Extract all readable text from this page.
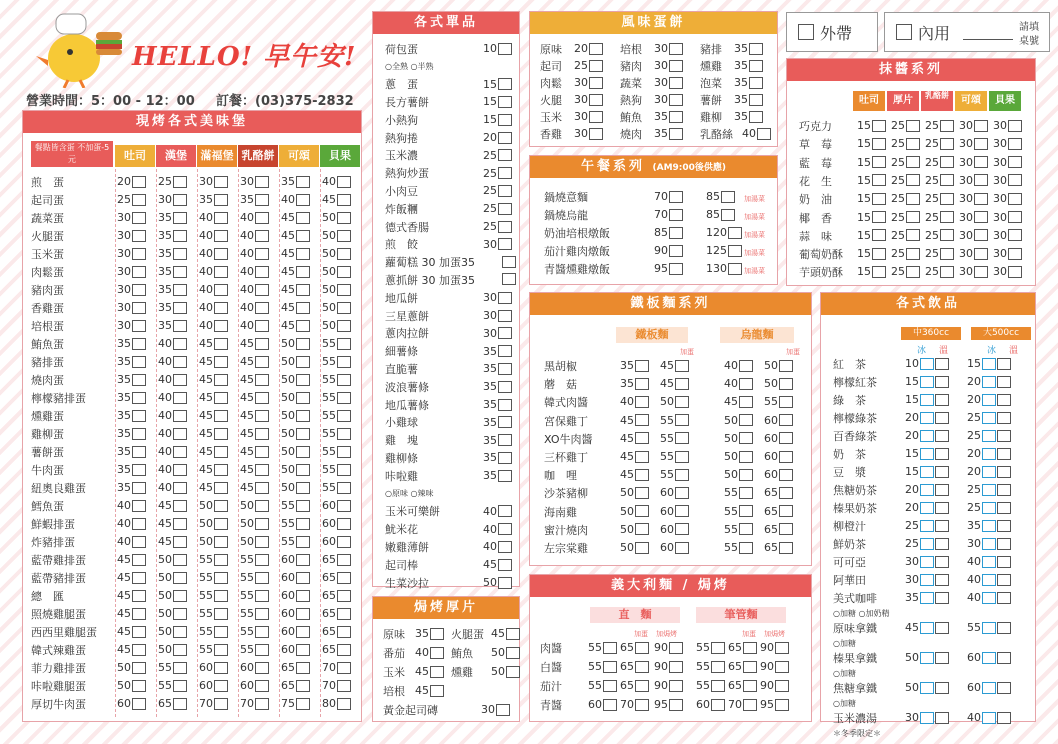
HELLO! 早午安!
營業時間：5：00 - 12：00 訂餐：(03)375-2832
外帶	內用	請填
桌號
現烤各式美味堡
餐點皆含蛋 不加蛋-5元	吐司	漢堡	滿福堡 乳酪餅	可頌	貝果
煎　蛋	20 25 30 30 35 40
起司蛋	25 30 35 35 40 45
蔬菜蛋	30 35 40 40 45 50
火腿蛋	30 35 40 40 45 50
玉米蛋	30 35 40 40 45 50
肉鬆蛋	30 35 40 40 45 50
豬肉蛋	30 35 40 40 45 50
香雞蛋	30 35 40 40 45 50
培根蛋	30 35 40 40 45 50
鮪魚蛋	35 40 45 45 50 55
豬排蛋	35 40 45 45 50 55
燒肉蛋	35 40 45 45 50 55
檸檬豬排蛋	35 40 45 45 50 55
燻雞蛋	35 40 45 45 50 55
雞柳蛋	35 40 45 45 50 55
薯餅蛋	35 40 45 45 50 55
牛肉蛋	35 40 45 45 50 55
紐奧良雞蛋	35 40 45 45 50 55
鱈魚蛋	40 45 50 50 55 60
鮮蝦排蛋	40 45 50 50 55 60
炸豬排蛋	40 45 50 50 55 60
藍帶雞排蛋	45 50 55 55 60 65
藍帶豬排蛋	45 50 55 55 60 65
總　匯	45 50 55 55 60 65
照燒雞腿蛋	45 50 55 55 60 65
西西里雞腿蛋 45 50 55 55 60 65
韓式辣雞蛋	45 50 55 55 60 65
菲力雞排蛋	50 55 60 60 65 70
咔啦雞腿蛋	50 55 60 60 65 70
厚切牛肉蛋	60 65 70 70 75 80
各式單品
荷包蛋	10
○全熟 ○半熟
蔥　蛋	15
長方薯餅	15
小熱狗	15
熱狗捲	20
玉米濃	25
熱狗炒蛋	25
小肉豆	25
炸飯糰	25
德式香腸	25
煎　餃	30
蘿蔔糕 30 加蛋35
蔥抓餅 30 加蛋35
地瓜餅	30
三星蔥餅	30
蔥肉拉餅	30
細薯條	35
直脆薯	35
波浪薯條	35
地瓜薯條	35
小雞球	35
雞　塊	35
雞柳條	35
咔啦雞	35
○原味 ○辣味
玉米可樂餅	40
魷米花	40
嫩雞薄餅	40
起司棒	45
生菜沙拉	50
焗烤厚片
原味 35 火腿蛋 45
番茄 40 鮪魚 50
玉米 45 燻雞 50
培根 45
黃金起司磚	30
風味蛋餅
原味 20	培根 30	豬排 35
起司 25	豬肉 30	燻雞 35
肉鬆 30	蔬菜 30	泡菜 35
火腿 30	熱狗 30	薯餅 35
玉米 30	鮪魚 35	雞柳 35
香雞 30	燒肉 35	乳酪絲 40
午餐系列 (AM9:00後供應)
鍋燒意麵	70	85	加湯菜
鍋燒烏龍	70	85	加湯菜
奶油培根燉飯	85	120 加湯菜
茄汁雞肉燉飯	90	125 加湯菜
青醬燻雞燉飯	95	130 加湯菜
鐵板麵系列
鐵板麵	烏龍麵
加蛋	加蛋
黑胡椒	35 45	40 50
蘑　菇	35 45	40 50
韓式肉醬	40 50	45 55
宮保雞丁	45 55	50 60
XO牛肉醬	45 55	50 60
三杯雞丁	45 55	50 60
咖　哩	45 55	50 60
沙茶豬柳	50 60	55 65
海南雞	50 60	55 65
蜜汁燒肉	50 60	55 65
左宗棠雞	50 60	55 65
義大利麵 / 焗烤
直　麵	筆管麵
加蛋 加焗烤	加蛋 加焗烤
肉醬 55 65 90	55 65 90
白醬 55 65 90	55 65 90
茄汁 55 65 90	55 65 90
青醬 60 70 95	60 70 95
抹醬系列
吐司	厚片	乳酪餅	可頌	貝果
巧克力 15 25 25 30 30
草　莓 15 25 25 30 30
藍　莓 15 25 25 30 30
花　生 15 25 25 30 30
奶　油 15 25 25 30 30
椰　香 15 25 25 30 30
蒜　味 15 25 25 30 30
葡萄奶酥 15 25 25 30 30
芋頭奶酥 15 25 25 30 30
各式飲品
中360cc	大500cc
冰 溫	冰 溫
紅　茶	10	15
檸檬紅茶	15	20
綠　茶	15	20
檸檬綠茶	20	25
百香綠茶	20	25
奶　茶	15	20
豆　漿	15	20
焦糖奶茶	20	25
榛果奶茶	20	25
柳橙汁	25	35
鮮奶茶	25	30
可可亞	30	40
阿華田	30	40
美式咖啡	35	40
○加糖 ○加奶精
原味拿鐵	45	55
○加糖
榛果拿鐵	50	60
○加糖
焦糖拿鐵	50	60
○加糖
玉米濃湯	30	40
＊冬季限定＊
